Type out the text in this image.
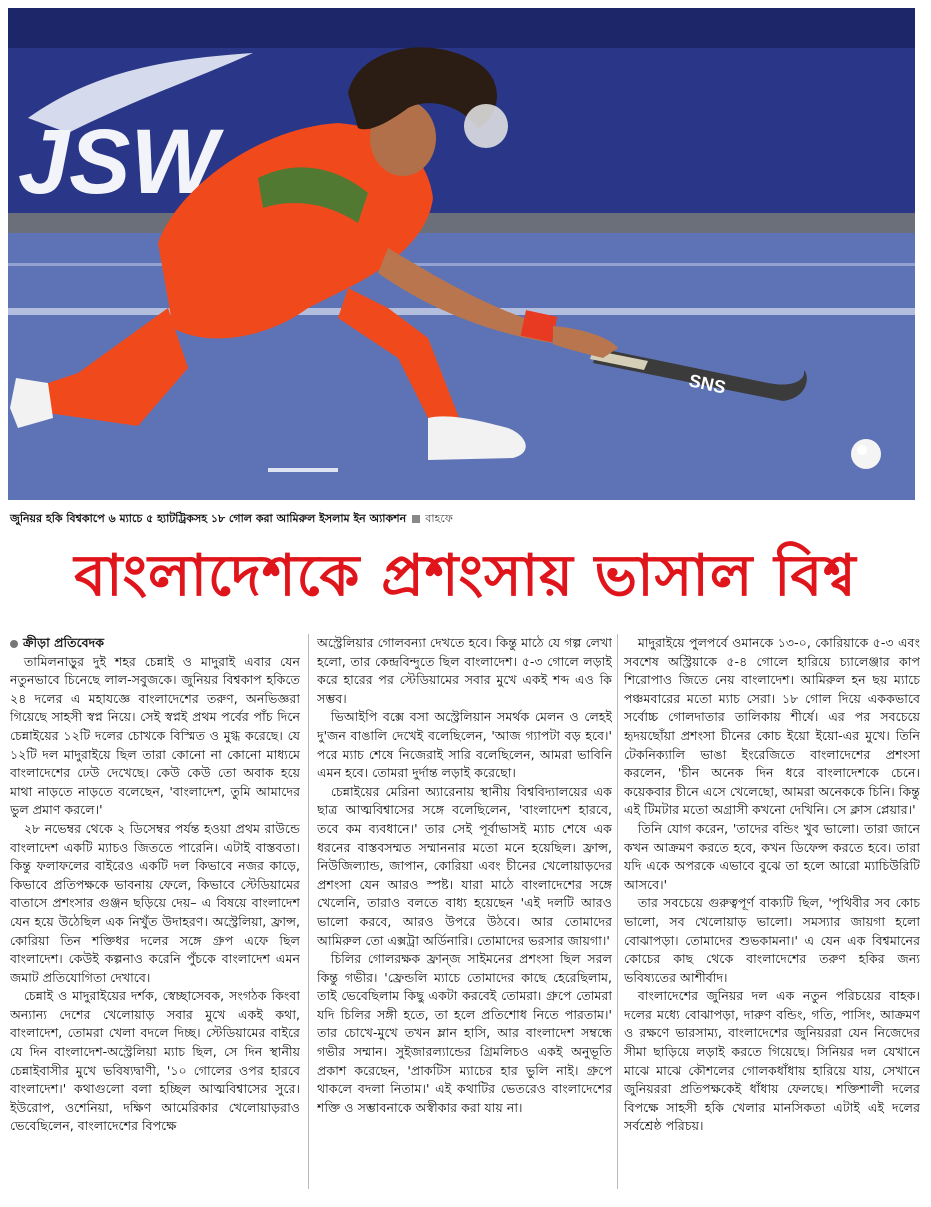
JSW
SNS
জুনিয়র হকি বিশ্বকাপে ৬ ম্যাচে ৫ হ্যাটট্রিকসহ ১৮ গোল করা আমিরুল ইসলাম ইন অ্যাকশন বাহফে
বাংলাদেশকে প্রশংসায় ভাসাল বিশ্ব
ক্রীড়া প্রতিবেদক

তামিলনাড়ুর দুই শহর চেন্নাই ও মাদুরাই এবার যেন নতুনভাবে চিনেছে লাল-সবুজকে। জুনিয়র বিশ্বকাপ হকিতে ২৪ দলের এ মহাযজ্ঞে বাংলাদেশের তরুণ, অনভিজ্ঞরা গিয়েছে সাহসী স্বপ্ন নিয়ে। সেই স্বপ্নই প্রথম পর্বের পাঁচ দিনে চেন্নাইয়ের ১২টি দলের চোখকে বিস্মিত ও মুগ্ধ করেছে। যে ১২টি দল মাদুরাইয়ে ছিল তারা কোনো না কোনো মাধ্যমে বাংলাদেশের ঢেউ দেখেছে। কেউ কেউ তো অবাক হয়ে মাথা নাড়তে নাড়তে বলেছেন, 'বাংলাদেশ, তুমি আমাদের ভুল প্রমাণ করলে।'

২৮ নভেম্বর থেকে ২ ডিসেম্বর পর্যন্ত হওয়া প্রথম রাউন্ডে বাংলাদেশ একটি ম্যাচও জিততে পারেনি। এটাই বাস্তবতা। কিন্তু ফলাফলের বাইরেও একটি দল কিভাবে নজর কাড়ে, কিভাবে প্রতিপক্ষকে ভাবনায় ফেলে, কিভাবে স্টেডিয়ামের বাতাসে প্রশংসার গুঞ্জন ছড়িয়ে দেয়– এ বিষয়ে বাংলাদেশ যেন হয়ে উঠেছিল এক নিখুঁত উদাহরণ। অস্ট্রেলিয়া, ফ্রান্স, কোরিয়া তিন শক্তিধর দলের সঙ্গে গ্রুপ এফে ছিল বাংলাদেশ। কেউই কল্পনাও করেনি পুঁচকে বাংলাদেশ এমন জমাট প্রতিযোগিতা দেখাবে।

চেন্নাই ও মাদুরাইয়ের দর্শক, স্বেচ্ছাসেবক, সংগঠক কিংবা অন্যান্য দেশের খেলোয়াড় সবার মুখে একই কথা, বাংলাদেশ, তোমরা খেলা বদলে দিচ্ছ। স্টেডিয়ামের বাইরে যে দিন বাংলাদেশ-অস্ট্রেলিয়া ম্যাচ ছিল, সে দিন স্থানীয় চেন্নাইবাসীর মুখে ভবিষ্যদ্বাণী, '১০ গোলের ওপর হারবে বাংলাদেশ।' কথাগুলো বলা হচ্ছিল আত্মবিশ্বাসের সুরে। ইউরোপ, ওশেনিয়া, দক্ষিণ আমেরিকার খেলোয়াড়রাও ভেবেছিলেন, বাংলাদেশের বিপক্ষে

অস্ট্রেলিয়ার গোলবন্যা দেখতে হবে। কিন্তু মাঠে যে গল্প লেখা হলো, তার কেন্দ্রবিন্দুতে ছিল বাংলাদেশ। ৫-৩ গোলে লড়াই করে হারের পর স্টেডিয়ামের সবার মুখে একই শব্দ এও কি সম্ভব।

ভিআইপি বক্সে বসা অস্ট্রেলিয়ান সমর্থক মেলন ও লেহই দু'জন বাঙালি দেখেই বলেছিলেন, 'আজ গ্যাপটা বড় হবে।' পরে ম্যাচ শেষে নিজেরাই সারি বলেছিলেন, আমরা ভাবিনি এমন হবে। তোমরা দুর্দান্ত লড়াই করেছো।

চেন্নাইয়ের মেরিনা অ্যারেনায় স্থানীয় বিশ্ববিদ্যালয়ের এক ছাত্র আত্মবিশ্বাসের সঙ্গে বলেছিলেন, 'বাংলাদেশ হারবে, তবে কম ব্যবধানে।' তার সেই পূর্বাভাসই ম্যাচ শেষে এক ধরনের বাস্তবসম্মত সম্মাননার মতো মনে হয়েছিল। ফ্রান্স, নিউজিল্যান্ড, জাপান, কোরিয়া এবং চীনের খেলোয়াড়দের প্রশংসা যেন আরও স্পষ্ট। যারা মাঠে বাংলাদেশের সঙ্গে খেলেনি, তারাও বলতে বাধ্য হয়েছেন 'এই দলটি আরও ভালো করবে, আরও উপরে উঠবে। আর তোমাদের আমিরুল তো এক্সট্রা অর্ডিনারি। তোমাদের ভরসার জায়গা।'

চিলির গোলরক্ষক ফ্রান্জ সাইমনের প্রশংসা ছিল সরল কিন্তু গভীর। 'ফ্রেন্ডলি ম্যাচে তোমাদের কাছে হেরেছিলাম, তাই ভেবেছিলাম কিছু একটা করবেই তোমরা। গ্রুপে তোমরা যদি চিলির সঙ্গী হতে, তা হলে প্রতিশোধ নিতে পারতাম।' তার চোখে-মুখে তখন ম্লান হাসি, আর বাংলাদেশ সম্বন্ধে গভীর সম্মান। সুইজারল্যান্ডের গ্রিমলিচও একই অনুভূতি প্রকাশ করেছেন, 'প্রাকটিস ম্যাচের হার ভুলি নাই। গ্রুপে থাকলে বদলা নিতাম।' এই কথাটির ভেতরেও বাংলাদেশের শক্তি ও সম্ভাবনাকে অস্বীকার করা যায় না।

মাদুরাইয়ে পুলপর্বে ওমানকে ১৩-০, কোরিয়াকে ৫-৩ এবং সবশেষ অস্ট্রিয়াকে ৫-৪ গোলে হারিয়ে চ্যালেঞ্জার কাপ শিরোপাও জিতে নেয় বাংলাদেশ। আমিরুল হন ছয় ম্যাচে পঞ্চমবারের মতো ম্যাচ সেরা। ১৮ গোল দিয়ে এককভাবে সর্বোচ্চ গোলদাতার তালিকায় শীর্ষে। এর পর সবচেয়ে হৃদয়ছোঁয়া প্রশংসা চীনের কোচ ইয়ো ইয়ো-এর মুখে। তিনি টেকনিক্যালি ভাঙা ইংরেজিতে বাংলাদেশের প্রশংসা করলেন, 'চীন অনেক দিন ধরে বাংলাদেশকে চেনে। কয়েকবার চীনে এসে খেলেছো, আমরা অনেককে চিনি। কিন্তু এই টিমটার মতো অগ্রাসী কখনো দেখিনি। সে ক্লাস প্লেয়ার।'

তিনি যোগ করেন, 'তাদের বন্ডিং খুব ভালো। তারা জানে কখন আক্রমণ করতে হবে, কখন ডিফেন্স করতে হবে। তারা যদি একে অপরকে এভাবে বুঝে তা হলে আরো ম্যাচিউরিটি আসবে।'

তার সবচেয়ে গুরুত্বপূর্ণ বাক্যটি ছিল, 'পৃথিবীর সব কোচ ভালো, সব খেলোয়াড় ভালো। সমস্যার জায়গা হলো বোঝাপড়া। তোমাদের শুভকামনা।' এ যেন এক বিশ্বমানের কোচের কাছ থেকে বাংলাদেশের তরুণ হকির জন্য ভবিষ্যতের আশীর্বাদ।

বাংলাদেশের জুনিয়র দল এক নতুন পরিচয়ের বাহক। দলের মধ্যে বোঝাপড়া, দারুণ বন্ডিং, গতি, পাসিং, আক্রমণ ও রক্ষণে ভারসাম্য, বাংলাদেশের জুনিয়ররা যেন নিজেদের সীমা ছাড়িয়ে লড়াই করতে গিয়েছে। সিনিয়র দল যেখানে মাঝে মাঝে কৌশলের গোলকধাঁধায় হারিয়ে যায়, সেখানে জুনিয়ররা প্রতিপক্ষকেই ধাঁধায় ফেলছে। শক্তিশালী দলের বিপক্ষে সাহসী হকি খেলার মানসিকতা এটাই এই দলের সর্বশ্রেষ্ঠ পরিচয়।
